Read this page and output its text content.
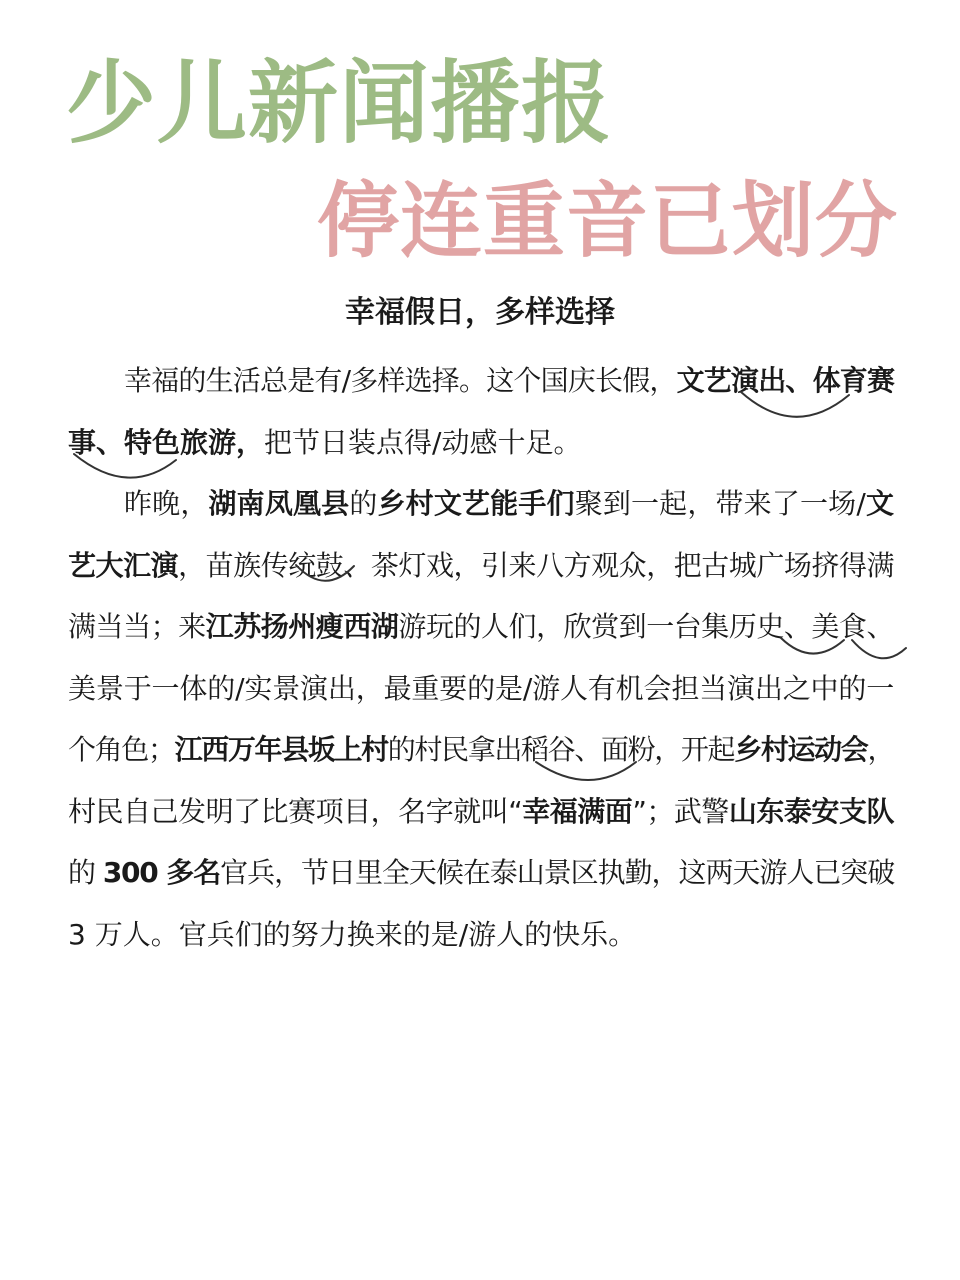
少儿新闻播报
停连重音已划分
幸福假日，多样选择

幸福的生活总是有/多样选择。这个国庆长假，文艺演出、体育赛
事、特色旅游，把节日装点得/动感十足。

昨晚，湖南凤凰县的乡村文艺能手们聚到一起，带来了一场/文
艺大汇演，苗族传统鼓、茶灯戏，引来八方观众，把古城广场挤得满
满当当；来江苏扬州瘦西湖游玩的人们，欣赏到一台集历史、美食、
美景于一体的/实景演出，最重要的是/游人有机会担当演出之中的一
个角色；江西万年县坂上村的村民拿出稻谷、面粉，开起乡村运动会，
村民自己发明了比赛项目，名字就叫“幸福满面”；武警山东泰安支队
的 300 多名官兵，节日里全天候在泰山景区执勤，这两天游人已突破
3 万人。官兵们的努力换来的是/游人的快乐。
